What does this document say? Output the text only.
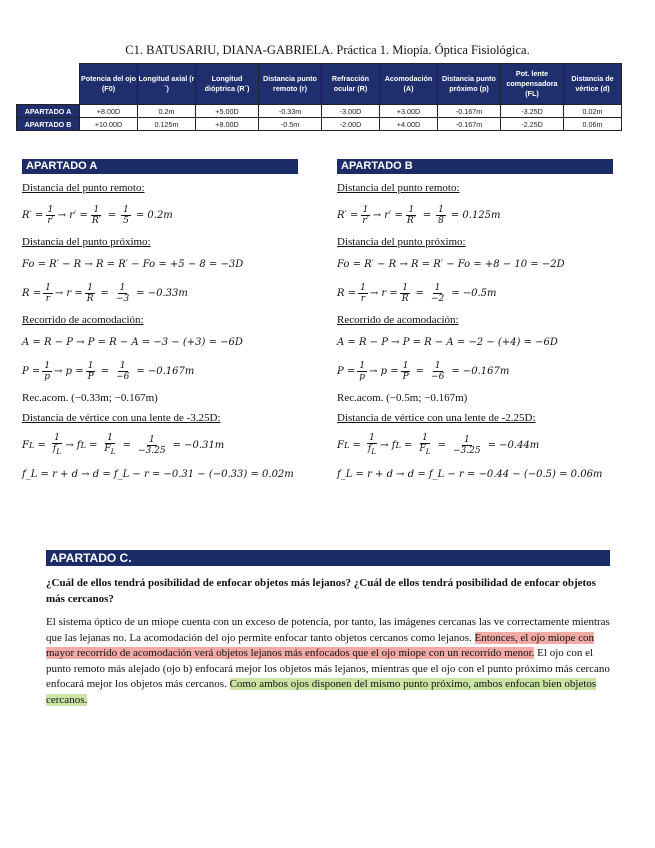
C1. BATUSARIU, DIANA-GABRIELA. Práctica 1. Miopía. Óptica Fisiológica.
	Potencia del ojo (F0)	Longitud axial (r´)	Longitud dióptrica (R´)	Distancia punto remoto (r)	Refracción ocular (R)	Acomodación (A)	Distancia punto próximo (p)	Pot. lente compensadora (FL)	Distancia de vértice (d)
APARTADO A	+8.00D	0.2m	+5.00D	-0.33m	-3.00D	+3.00D	-0.167m	-3.25D	0.02m
APARTADO B	+10.00D	0.125m	+8.00D	-0.5m	-2.00D	+4.00D	-0.167m	-2.25D	0.06m
APARTADO A	APARTADO B
Distancia del punto remoto:
$R' = \frac{1}{r'} \to r' = \frac{1}{R'} = \frac{1}{5} = 0.2m$
Distancia del punto próximo:
Fo = R′ − R → R = R′ − Fo = +5 − 8 = −3D
$R = \frac{1}{r} \to r = \frac{1}{R} = \frac{1}{-3} = -0.33m$
Recorrido de acomodación:
A = R − P → P = R − A = −3 − (+3) = −6D
$P = \frac{1}{p} \to p = \frac{1}{P} = \frac{1}{-6} = -0.167m$
Rec.acom. (−0.33m; −0.167m)
Distancia de vértice con una lente de -3.25D:
F $L = \frac{1}{f_L} \to f$ $L = \frac{1}{F_L} = \frac{1}{-3.25} = -0.31m$
f_L = r + d → d = f_L − r = −0.31 − (−0.33) = 0.02m
Distancia del punto remoto:
$R' = \frac{1}{r'} \to r' = \frac{1}{R'} = \frac{1}{8} = 0.125m$
Distancia del punto próximo:
Fo = R′ − R → R = R′ − Fo = +8 − 10 = −2D
$R = \frac{1}{r} \to r = \frac{1}{R} = \frac{1}{-2} = -0.5m$
Recorrido de acomodación:
A = R − P → P = R − A = −2 − (+4) = −6D
$P = \frac{1}{p} \to p = \frac{1}{P} = \frac{1}{-6} = -0.167m$
Rec.acom. (−0.5m; −0.167m)
Distancia de vértice con una lente de -2.25D:
F $L = \frac{1}{f_L} \to f$ $L = \frac{1}{F_L} = \frac{1}{-3.25} = -0.44m$
f_L = r + d → d = f_L − r = −0.44 − (−0.5) = 0.06m
APARTADO C.
¿Cuál de ellos tendrá posibilidad de enfocar objetos más lejanos? ¿Cuál de ellos tendrá posibilidad de enfocar objetos más cercanos?
El sistema óptico de un miope cuenta con un exceso de potencia, por tanto, las imágenes cercanas las ve correctamente mientras que las lejanas no. La acomodación del ojo permite enfocar tanto objetos cercanos como lejanos. Entonces, el ojo miope con mayor recorrido de acomodación verá objetos lejanos más enfocados que el ojo miope con un recorrido menor. El ojo con el punto remoto más alejado (ojo b) enfocará mejor los objetos más lejanos, mientras que el ojo con el punto próximo más cercano enfocará mejor los objetos más cercanos. Como ambos ojos disponen del mismo punto próximo, ambos enfocan bien objetos cercanos.
